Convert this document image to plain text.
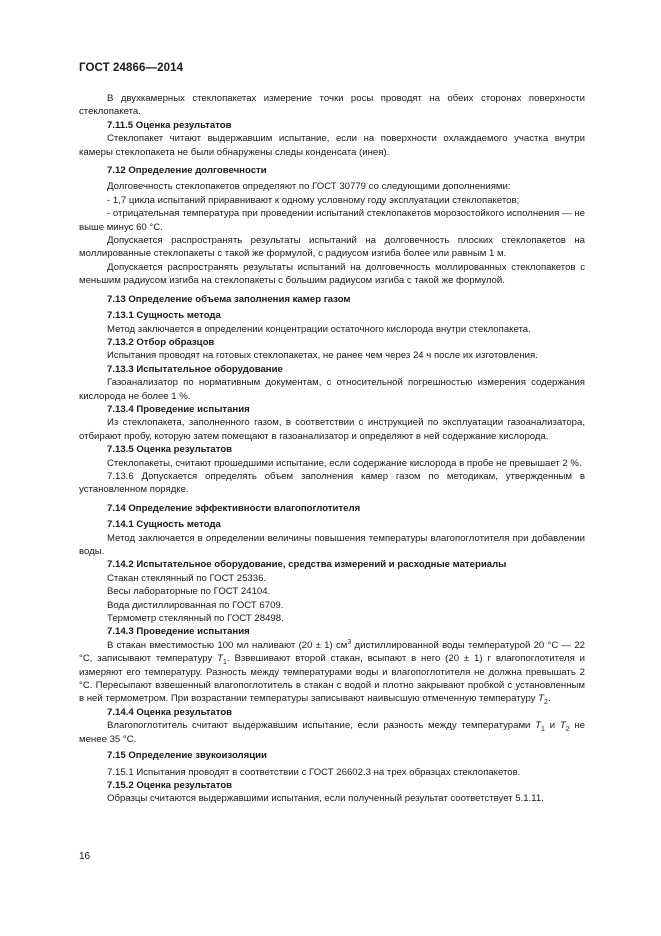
ГОСТ 24866—2014

В двухкамерных стеклопакетах измерение точки росы проводят на обеих сторонах поверхности стеклопакета.

7.11.5 Оценка результатов

Стеклопакет читают выдержавшим испытание, если на поверхности охлаждаемого участка внутри камеры стеклопакета не были обнаружены следы конденсата (инея).

7.12 Определение долговечности

Долговечность стеклопакетов определяют по ГОСТ 30779 со следующими дополнениями:

- 1,7 цикла испытаний приравнивают к одному условному году эксплуатации стеклопакетов;

- отрицательная температура при проведении испытаний стеклопакетов морозостойкого исполнения — не выше минус 60 °С.

Допускается распространять результаты испытаний на долговечность плоских стеклопакетов на моллированные стеклопакеты с такой же формулой, с радиусом изгиба более или равным 1 м.

Допускается распространять результаты испытаний на долговечность моллированных стеклопакетов с меньшим радиусом изгиба на стеклопакеты с большим радиусом изгиба с такой же формулой.

7.13 Определение объема заполнения камер газом

7.13.1 Сущность метода

Метод заключается в определении концентрации остаточного кислорода внутри стеклопакета.

7.13.2 Отбор образцов

Испытания проводят на готовых стеклопакетах, не ранее чем через 24 ч после их изготовления.

7.13.3 Испытательное оборудование

Газоанализатор по нормативным документам, с относительной погрешностью измерения содержания кислорода не более 1 %.

7.13.4 Проведение испытания

Из стеклопакета, заполненного газом, в соответствии с инструкцией по эксплуатации газоанализатора, отбирают пробу, которую затем помещают в газоанализатор и определяют в ней содержание кислорода.

7.13.5 Оценка результатов

Стеклопакеты, считают прошедшими испытание, если содержание кислорода в пробе не превышает 2 %.

7.13.6 Допускается определять объем заполнения камер газом по методикам, утвержденным в установленном порядке.

7.14 Определение эффективности влагопоглотителя

7.14.1 Сущность метода

Метод заключается в определении величины повышения температуры влагопоглотителя при добавлении воды.

7.14.2 Испытательное оборудование, средства измерений и расходные материалы

Стакан стеклянный по ГОСТ 25336.

Весы лабораторные по ГОСТ 24104.

Вода дистиллированная по ГОСТ 6709.

Термометр стеклянный по ГОСТ 28498.

7.14.3 Проведение испытания

В стакан вместимостью 100 мл наливают (20 ± 1) $см^3$ дистиллированной воды температурой 20 °С — 22 °С, записывают температуру $T_1$. Взвешивают второй стакан, всыпают в него (20 ± 1) г влагопоглотителя и измеряют его температуру. Разность между температурами воды и влагопоглотителя не должна превышать 2 °С. Пересыпают взвешенный влагопоглотитель в стакан с водой и плотно закрывают пробкой с установленным в ней термометром. При возрастании температуры записывают наивысшую отмеченную температуру $T_2$.

7.14.4 Оценка результатов

Влагопоглотитель считают выдержавшим испытание, если разность между температурами $T_1$ и $T_2$ не менее 35 °С.

7.15 Определение звукоизоляции

7.15.1 Испытания проводят в соответствии с ГОСТ 26602.3 на трех образцах стеклопакетов.

7.15.2 Оценка результатов

Образцы считаются выдержавшими испытания, если полученный результат соответствует 5.1.11.

16
